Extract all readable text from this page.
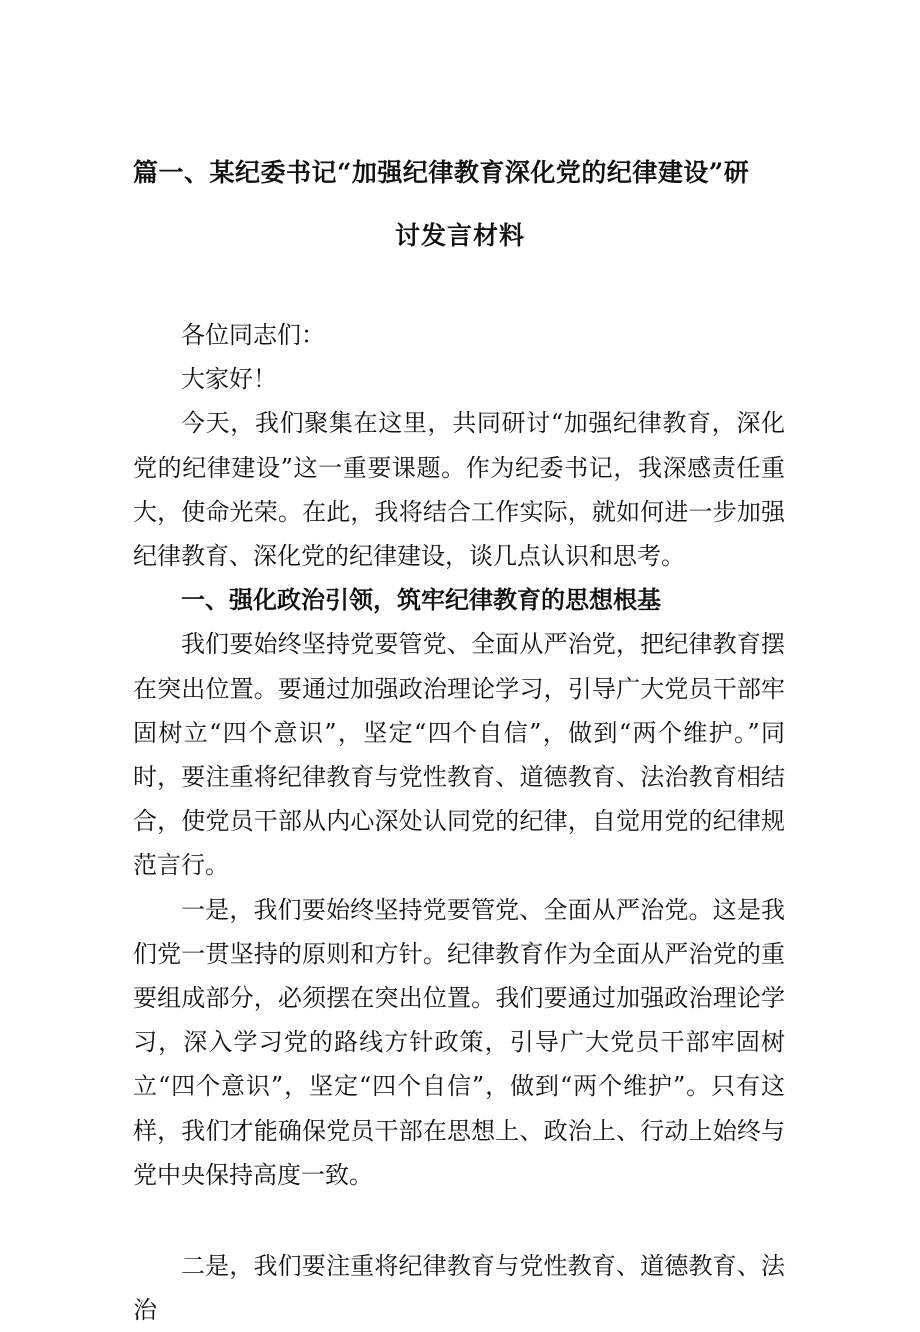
篇一、某纪委书记“加强纪律教育深化党的纪律建设”研
讨发言材料

各位同志们：

大家好！

今天，我们聚集在这里，共同研讨“加强纪律教育，深化党的纪律建设”这一重要课题。作为纪委书记，我深感责任重大，使命光荣。在此，我将结合工作实际，就如何进一步加强纪律教育、深化党的纪律建设，谈几点认识和思考。

一、强化政治引领，筑牢纪律教育的思想根基

我们要始终坚持党要管党、全面从严治党，把纪律教育摆在突出位置。要通过加强政治理论学习，引导广大党员干部牢固树立“四个意识”，坚定“四个自信”，做到“两个维护。”同时，要注重将纪律教育与党性教育、道德教育、法治教育相结合，使党员干部从内心深处认同党的纪律，自觉用党的纪律规范言行。

一是，我们要始终坚持党要管党、全面从严治党。这是我们党一贯坚持的原则和方针。纪律教育作为全面从严治党的重要组成部分，必须摆在突出位置。我们要通过加强政治理论学习，深入学习党的路线方针政策，引导广大党员干部牢固树立“四个意识”，坚定“四个自信”，做到“两个维护”。只有这样，我们才能确保党员干部在思想上、政治上、行动上始终与党中央保持高度一致。

二是，我们要注重将纪律教育与党性教育、道德教育、法治
